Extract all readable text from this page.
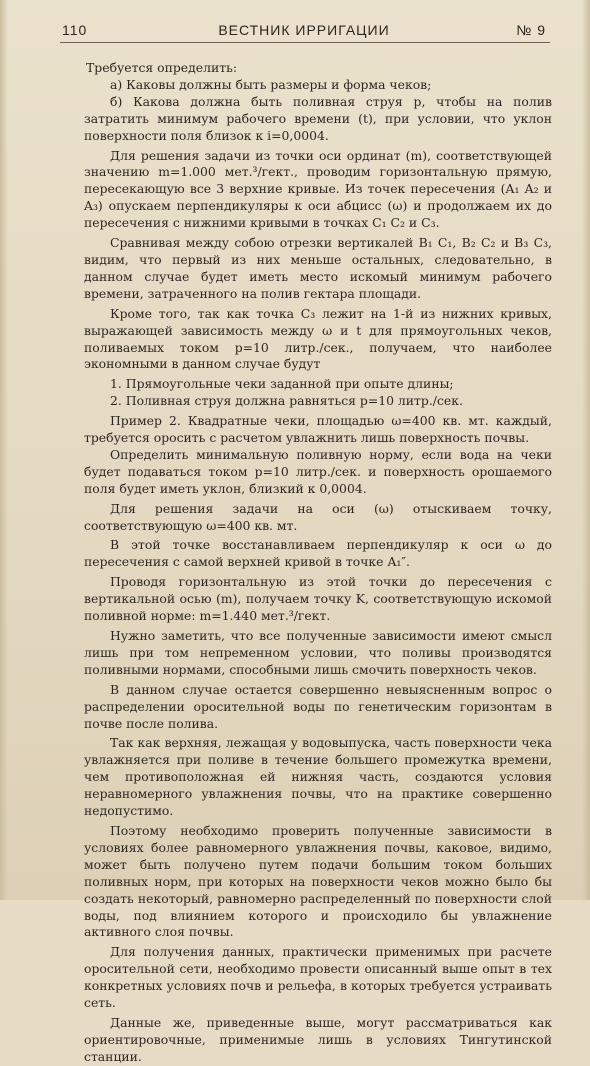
110	ВЕСТНИК ИРРИГАЦИИ	№ 9

Требуется определить:

а) Каковы должны быть размеры и форма чеков;

б) Какова должна быть поливная струя p, чтобы на полив затратить минимум рабочего времени (t), при условии, что уклон поверхности поля близок к i=0,0004.

Для решения задачи из точки оси ординат (m), соответствующей значению m=1.000 мет.³/гект., проводим горизонтальную прямую, пересекающую все 3 верхние кривые. Из точек пересечения (A₁ A₂ и A₃) опускаем перпендикуляры к оси абцисс (ω) и продолжаем их до пересечения с нижними кривыми в точках C₁ C₂ и C₃.

Сравнивая между собою отрезки вертикалей B₁ C₁, B₂ C₂ и B₃ C₃, видим, что первый из них меньше остальных, следовательно, в данном случае будет иметь место искомый минимум рабочего времени, затраченного на полив гектара площади.

Кроме того, так как точка C₃ лежит на 1-й из нижних кривых, выражающей зависимость между ω и t для прямоугольных чеков, поливаемых током p=10 литр./сек., получаем, что наиболее экономными в данном случае будут

1. Прямоугольные чеки заданной при опыте длины;

2. Поливная струя должна равняться p=10 литр./сек.

Пример 2. Квадратные чеки, площадью ω=400 кв. мт. каждый, требуется оросить с расчетом увлажнить лишь поверхность почвы.

Определить минимальную поливную норму, если вода на чеки будет подаваться током p=10 литр./сек. и поверхность орошаемого поля будет иметь уклон, близкий к 0,0004.

Для решения задачи на оси (ω) отыскиваем точку, соответствующую ω=400 кв. мт.

В этой точке восстанавливаем перпендикуляр к оси ω до пересечения с самой верхней кривой в точке A₁″.

Проводя горизонтальную из этой точки до пересечения с вертикальной осью (m), получаем точку K, соответствующую искомой поливной норме: m=1.440 мет.³/гект.

Нужно заметить, что все полученные зависимости имеют смысл лишь при том непременном условии, что поливы производятся поливными нормами, способными лишь смочить поверхность чеков.

В данном случае остается совершенно невыясненным вопрос о распределении оросительной воды по генетическим горизонтам в почве после полива.

Так как верхняя, лежащая у водовыпуска, часть поверхности чека увлажняется при поливе в течение большего промежутка времени, чем противоположная ей нижняя часть, создаются условия неравномерного увлажнения почвы, что на практике совершенно недопустимо.

Поэтому необходимо проверить полученные зависимости в условиях более равномерного увлажнения почвы, каковое, видимо, может быть получено путем подачи большим током больших поливных норм, при которых на поверхности чеков можно было бы создать некоторый, равномерно распределенный по поверхности слой воды, под влиянием которого и происходило бы увлажнение активного слоя почвы.

Для получения данных, практически применимых при расчете оросительной сети, необходимо провести описанный выше опыт в тех конкретных условиях почв и рельефа, в которых требуется устраивать сеть.

Данные же, приведенные выше, могут рассматриваться как ориентировочные, применимые лишь в условиях Тингутинской станции.
